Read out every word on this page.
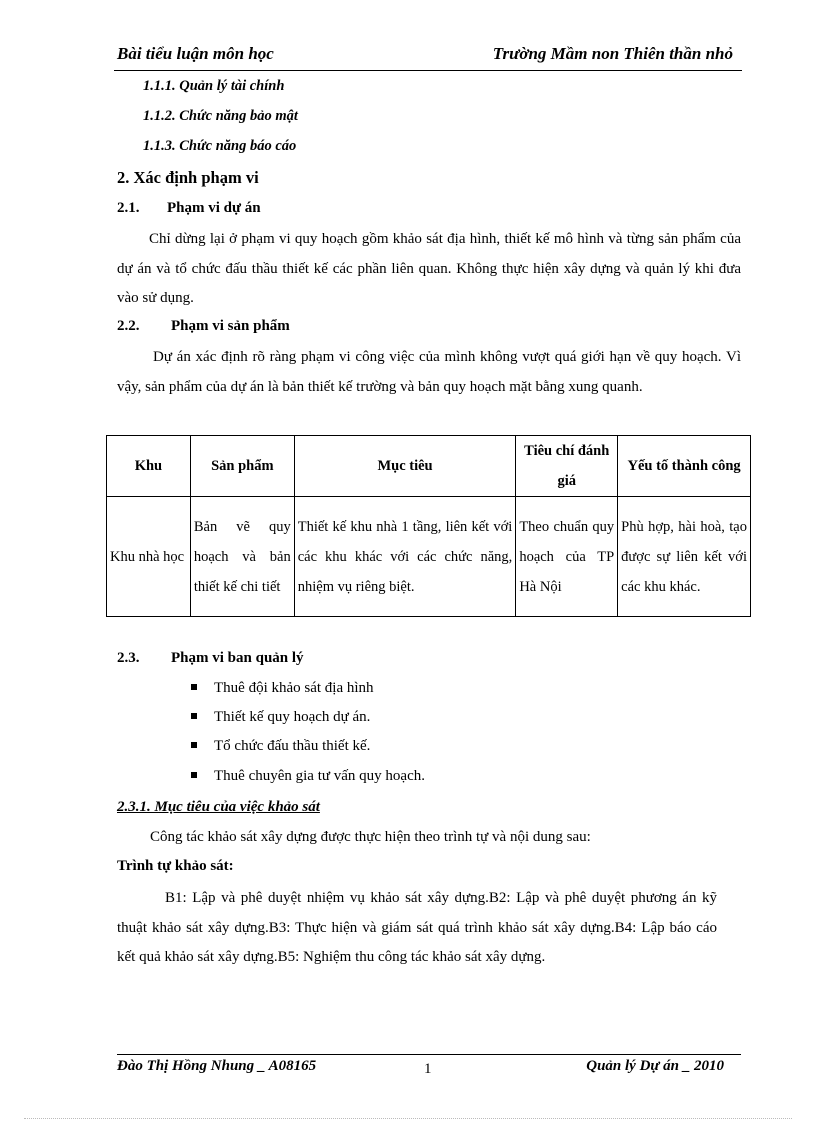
Bài tiểu luận môn học	Trường Mầm non Thiên thần nhỏ
1.1.1. Quản lý tài chính
1.1.2. Chức năng bảo mật
1.1.3. Chức năng báo cáo
2. Xác định phạm vi
2.1. Phạm vi dự án

Chỉ dừng lại ở phạm vi quy hoạch gồm khảo sát địa hình, thiết kế mô hình và từng sản phẩm của dự án và tổ chức đấu thầu thiết kế các phần liên quan. Không thực hiện xây dựng và quản lý khi đưa vào sử dụng.

2.2. Phạm vi sản phẩm

Dự án xác định rõ ràng phạm vi công việc của mình không vượt quá giới hạn về quy hoạch. Vì vậy, sản phẩm của dự án là bản thiết kế trường và bản quy hoạch mặt bằng xung quanh.

Khu	Sản phẩm	Mục tiêu	Tiêu chí đánh giá	Yếu tố thành công
Khu nhà học	Bản vẽ quy hoạch và bản thiết kế chi tiết	Thiết kế khu nhà 1 tầng, liên kết với các khu khác với các chức năng, nhiệm vụ riêng biệt.	Theo chuẩn quy hoạch của TP Hà Nội	Phù hợp, hài hoà, tạo được sự liên kết với các khu khác.
2.3. Phạm vi ban quản lý
Thuê đội khảo sát địa hình
Thiết kế quy hoạch dự án.
Tổ chức đấu thầu thiết kế.
Thuê chuyên gia tư vấn quy hoạch.
2.3.1. Mục tiêu của việc khảo sát
Công tác khảo sát xây dựng được thực hiện theo trình tự và nội dung sau:
Trình tự khảo sát:

B1: Lập và phê duyệt nhiệm vụ khảo sát xây dựng.B2: Lập và phê duyệt phương án kỹ thuật khảo sát xây dựng.B3: Thực hiện và giám sát quá trình khảo sát xây dựng.B4: Lập báo cáo kết quả khảo sát xây dựng.B5: Nghiệm thu công tác khảo sát xây dựng.

Đào Thị Hồng Nhung _ A08165	1	Quản lý Dự án _ 2010
